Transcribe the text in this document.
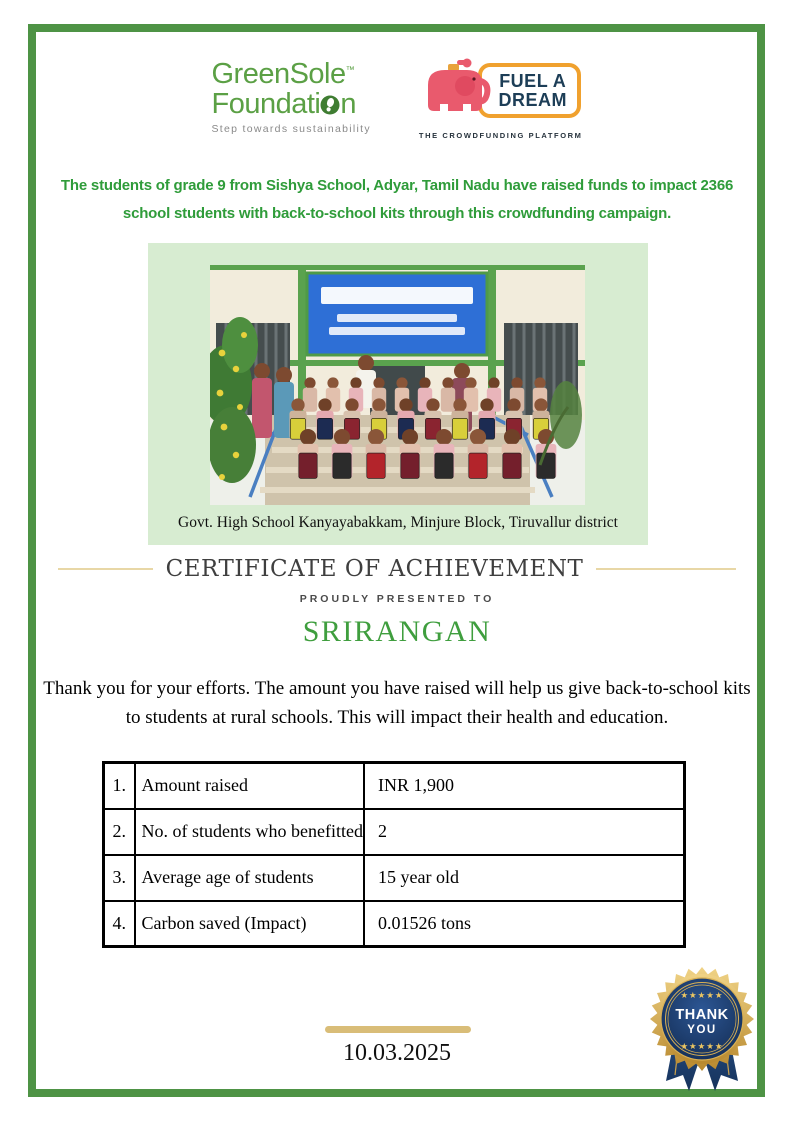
GreenSole™
Foundati n
Step towards sustainability
FUEL A
DREAM
THE CROWDFUNDING PLATFORM
The students of grade 9 from Sishya School, Adyar, Tamil Nadu have raised funds to impact 2366 school students with back-to-school kits through this crowdfunding campaign.
Govt. High School Kanyayabakkam, Minjure Block, Tiruvallur district
CERTIFICATE OF ACHIEVEMENT
PROUDLY PRESENTED TO
SRIRANGAN
Thank you for your efforts. The amount you have raised will help us give back-to-school kits to students at rural schools. This will impact their health and education.
1.	Amount raised	INR 1,900
2.	No. of students who benefitted	2
3.	Average age of students	15 year old
4.	Carbon saved (Impact)	0.01526 tons
10.03.2025
★★★★★
THANK
YOU
★★★★★
